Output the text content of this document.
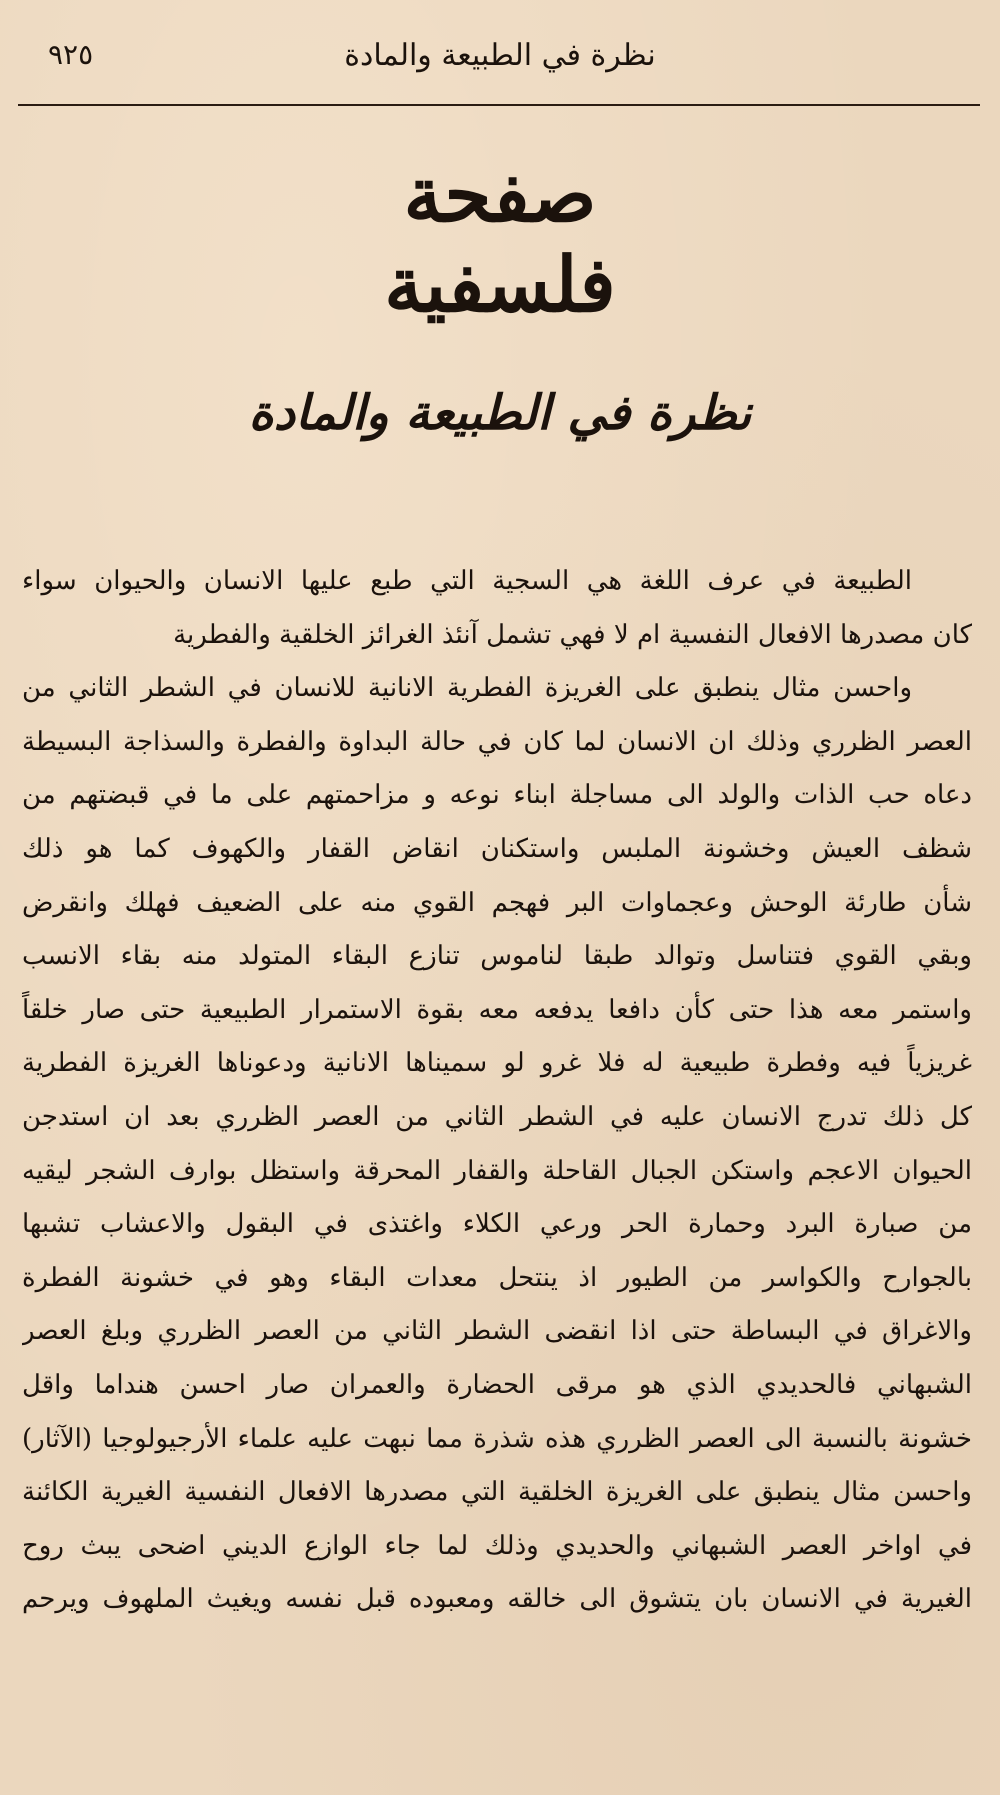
نظرة في الطبيعة والمادة
٩٢٥
صفحة
فلسفية
نظرة في الطبيعة والمادة
الطبيعة في عرف اللغة هي السجية التي طبع عليها الانسان والحيوان سواء
كان مصدرها الافعال النفسية ام لا فهي تشمل آنئذ الغرائز الخلقية والفطرية
واحسن مثال ينطبق على الغريزة الفطرية الانانية للانسان في الشطر الثاني من
العصر الظرري وذلك ان الانسان لما كان في حالة البداوة والفطرة والسذاجة البسيطة
دعاه حب الذات والولد الى مساجلة ابناء نوعه و مزاحمتهم على ما في قبضتهم من
شظف العيش وخشونة الملبس واستكنان انقاض القفار والكهوف كما هو ذلك
شأن طارئة الوحش وعجماوات البر فهجم القوي منه على الضعيف فهلك وانقرض
وبقي القوي فتناسل وتوالد طبقا لناموس تنازع البقاء المتولد منه بقاء الانسب
واستمر معه هذا حتى كأن دافعا يدفعه معه بقوة الاستمرار الطبيعية حتى صار خلقاً
غريزياً فيه وفطرة طبيعية له فلا غرو لو سميناها الانانية ودعوناها الغريزة الفطرية
كل ذلك تدرج الانسان عليه في الشطر الثاني من العصر الظرري بعد ان استدجن
الحيوان الاعجم واستكن الجبال القاحلة والقفار المحرقة واستظل بوارف الشجر ليقيه
من صبارة البرد وحمارة الحر ورعي الكلاء واغتذى في البقول والاعشاب تشبها
بالجوارح والكواسر من الطيور اذ ينتحل معدات البقاء وهو في خشونة الفطرة
والاغراق في البساطة حتى اذا انقضى الشطر الثاني من العصر الظرري وبلغ العصر
الشبهاني فالحديدي الذي هو مرقى الحضارة والعمران صار احسن هنداما واقل
خشونة بالنسبة الى العصر الظرري هذه شذرة مما نبهت عليه علماء الأرجيولوجيا (الآثار)
واحسن مثال ينطبق على الغريزة الخلقية التي مصدرها الافعال النفسية الغيرية الكائنة
في اواخر العصر الشبهاني والحديدي وذلك لما جاء الوازع الديني اضحى يبث روح
الغيرية في الانسان بان يتشوق الى خالقه ومعبوده قبل نفسه ويغيث الملهوف ويرحم
